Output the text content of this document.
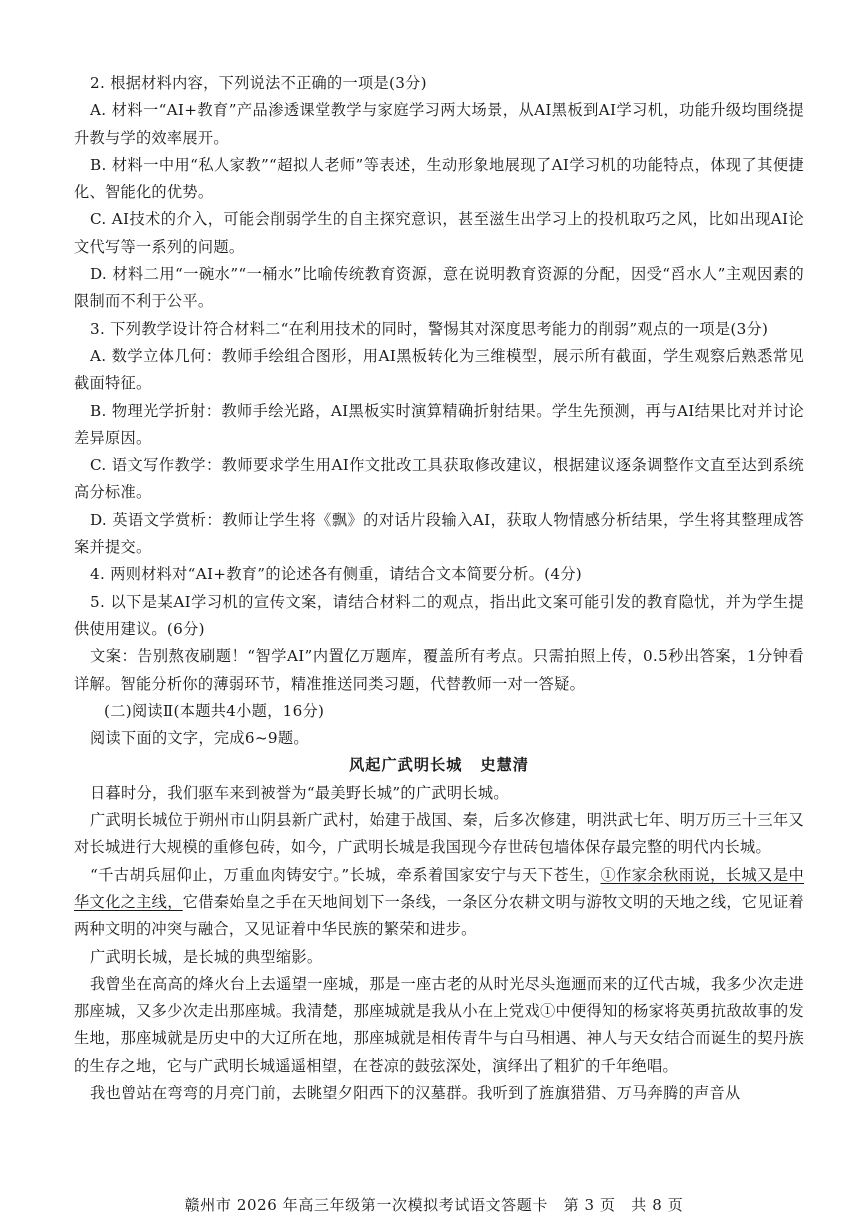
2. 根据材料内容，下列说法不正确的一项是(3分)

A. 材料一“AI+教育”产品渗透课堂教学与家庭学习两大场景，从AI黑板到AI学习机，功能升级均围绕提升教与学的效率展开。

B. 材料一中用“私人家教”“超拟人老师”等表述，生动形象地展现了AI学习机的功能特点，体现了其便捷化、智能化的优势。

C. AI技术的介入，可能会削弱学生的自主探究意识，甚至滋生出学习上的投机取巧之风，比如出现AI论文代写等一系列的问题。

D. 材料二用“一碗水”“一桶水”比喻传统教育资源，意在说明教育资源的分配，因受“舀水人”主观因素的限制而不利于公平。

3. 下列教学设计符合材料二“在利用技术的同时，警惕其对深度思考能力的削弱”观点的一项是(3分)

A. 数学立体几何：教师手绘组合图形，用AI黑板转化为三维模型，展示所有截面，学生观察后熟悉常见截面特征。

B. 物理光学折射：教师手绘光路，AI黑板实时演算精确折射结果。学生先预测，再与AI结果比对并讨论差异原因。

C. 语文写作教学：教师要求学生用AI作文批改工具获取修改建议，根据建议逐条调整作文直至达到系统高分标准。

D. 英语文学赏析：教师让学生将《飘》的对话片段输入AI，获取人物情感分析结果，学生将其整理成答案并提交。

4. 两则材料对“AI+教育”的论述各有侧重，请结合文本简要分析。(4分)

5. 以下是某AI学习机的宣传文案，请结合材料二的观点，指出此文案可能引发的教育隐忧，并为学生提供使用建议。(6分)

文案：告别熬夜刷题！“智学AI”内置亿万题库，覆盖所有考点。只需拍照上传，0.5秒出答案，1分钟看详解。智能分析你的薄弱环节，精准推送同类习题，代替教师一对一答疑。

(二)阅读Ⅱ(本题共4小题，16分)

阅读下面的文字，完成6~9题。

风起广武明长城 史慧清

日暮时分，我们驱车来到被誉为“最美野长城”的广武明长城。

广武明长城位于朔州市山阴县新广武村，始建于战国、秦，后多次修建，明洪武七年、明万历三十三年又对长城进行大规模的重修包砖，如今，广武明长城是我国现今存世砖包墙体保存最完整的明代内长城。

“千古胡兵屈仰止，万重血肉铸安宁。”长城，牵系着国家安宁与天下苍生，①作家余秋雨说，长城又是中华文化之主线，它借秦始皇之手在天地间划下一条线，一条区分农耕文明与游牧文明的天地之线，它见证着两种文明的冲突与融合，又见证着中华民族的繁荣和进步。

广武明长城，是长城的典型缩影。

我曾坐在高高的烽火台上去遥望一座城，那是一座古老的从时光尽头迤逦而来的辽代古城，我多少次走进那座城，又多少次走出那座城。我清楚，那座城就是我从小在上党戏①中便得知的杨家将英勇抗敌故事的发生地，那座城就是历史中的大辽所在地，那座城就是相传青牛与白马相遇、神人与天女结合而诞生的契丹族的生存之地，它与广武明长城遥遥相望，在苍凉的鼓弦深处，演绎出了粗犷的千年绝唱。

我也曾站在弯弯的月亮门前，去眺望夕阳西下的汉墓群。我听到了旌旗猎猎、万马奔腾的声音从

赣州市 2026 年高三年级第一次模拟考试语文答题卡　第 3 页　共 8 页
